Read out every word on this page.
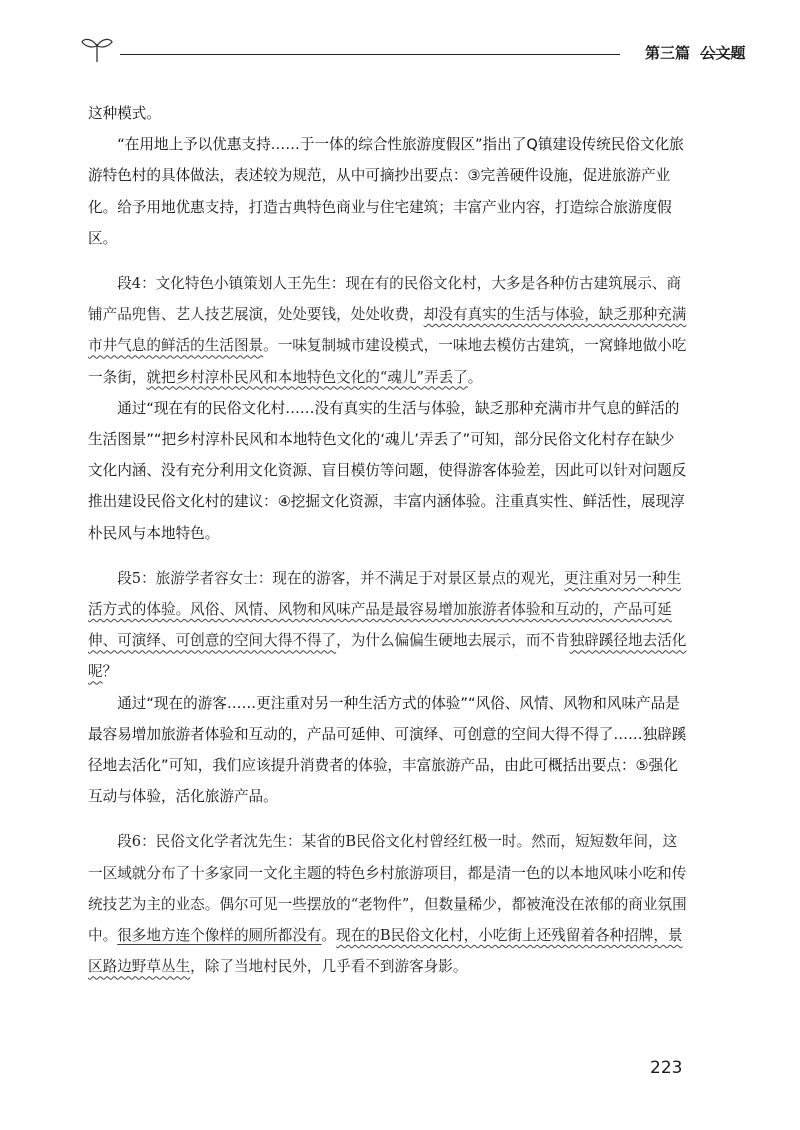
第三篇 公文题

这种模式。

“在用地上予以优惠支持……于一体的综合性旅游度假区”指出了Q镇建设传统民俗文化旅游特色村的具体做法，表述较为规范，从中可摘抄出要点：③完善硬件设施，促进旅游产业化。给予用地优惠支持，打造古典特色商业与住宅建筑；丰富产业内容，打造综合旅游度假区。

段4：文化特色小镇策划人王先生：现在有的民俗文化村，大多是各种仿古建筑展示、商铺产品兜售、艺人技艺展演，处处要钱，处处收费，却没有真实的生活与体验，缺乏那种充满市井气息的鲜活的生活图景。一味复制城市建设模式，一味地去模仿古建筑，一窝蜂地做小吃一条街，就把乡村淳朴民风和本地特色文化的“魂儿”弄丢了。

通过“现在有的民俗文化村……没有真实的生活与体验，缺乏那种充满市井气息的鲜活的生活图景”“把乡村淳朴民风和本地特色文化的‘魂儿’弄丢了”可知，部分民俗文化村存在缺少文化内涵、没有充分利用文化资源、盲目模仿等问题，使得游客体验差，因此可以针对问题反推出建设民俗文化村的建议：④挖掘文化资源，丰富内涵体验。注重真实性、鲜活性，展现淳朴民风与本地特色。

段5：旅游学者容女士：现在的游客，并不满足于对景区景点的观光，更注重对另一种生活方式的体验。风俗、风情、风物和风味产品是最容易增加旅游者体验和互动的，产品可延伸、可演绎、可创意的空间大得不得了，为什么偏偏生硬地去展示，而不肯独辟蹊径地去活化呢？

通过“现在的游客……更注重对另一种生活方式的体验”“风俗、风情、风物和风味产品是最容易增加旅游者体验和互动的，产品可延伸、可演绎、可创意的空间大得不得了……独辟蹊径地去活化”可知，我们应该提升消费者的体验，丰富旅游产品，由此可概括出要点：⑤强化互动与体验，活化旅游产品。

段6：民俗文化学者沈先生：某省的B民俗文化村曾经红极一时。然而，短短数年间，这一区域就分布了十多家同一文化主题的特色乡村旅游项目，都是清一色的以本地风味小吃和传统技艺为主的业态。偶尔可见一些摆放的“老物件”，但数量稀少，都被淹没在浓郁的商业氛围中。很多地方连个像样的厕所都没有。现在的B民俗文化村，小吃街上还残留着各种招牌，景区路边野草丛生，除了当地村民外，几乎看不到游客身影。

223
